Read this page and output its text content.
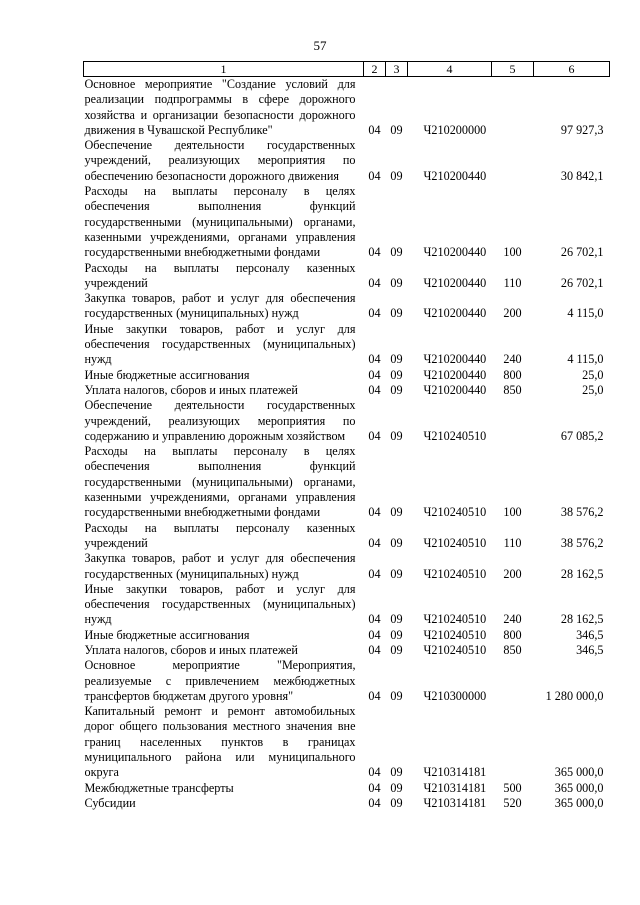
57
1	2	3	4	5	6
Основное мероприятие "Создание условий для реализации подпрограммы в сфере дорожного хозяйства и организации безопасности дорожного движения в Чувашской Республике"	04	09	Ч210200000		97 927,3
Обеспечение деятельности государственных учреждений, реализующих мероприятия по обеспечению безопасности дорожного движения	04	09	Ч210200440		30 842,1
Расходы на выплаты персоналу в целях обеспечения выполнения функций государственными (муниципальными) органами, казенными учреждениями, органами управления государственными внебюджетными фондами	04	09	Ч210200440	100	26 702,1
Расходы на выплаты персоналу казенных учреждений	04	09	Ч210200440	110	26 702,1
Закупка товаров, работ и услуг для обеспечения государственных (муниципальных) нужд	04	09	Ч210200440	200	4 115,0
Иные закупки товаров, работ и услуг для обеспечения государственных (муниципальных) нужд	04	09	Ч210200440	240	4 115,0
Иные бюджетные ассигнования	04	09	Ч210200440	800	25,0
Уплата налогов, сборов и иных платежей	04	09	Ч210200440	850	25,0
Обеспечение деятельности государственных учреждений, реализующих мероприятия по содержанию и управлению дорожным хозяйством	04	09	Ч210240510		67 085,2
Расходы на выплаты персоналу в целях обеспечения выполнения функций государственными (муниципальными) органами, казенными учреждениями, органами управления государственными внебюджетными фондами	04	09	Ч210240510	100	38 576,2
Расходы на выплаты персоналу казенных учреждений	04	09	Ч210240510	110	38 576,2
Закупка товаров, работ и услуг для обеспечения государственных (муниципальных) нужд	04	09	Ч210240510	200	28 162,5
Иные закупки товаров, работ и услуг для обеспечения государственных (муниципальных) нужд	04	09	Ч210240510	240	28 162,5
Иные бюджетные ассигнования	04	09	Ч210240510	800	346,5
Уплата налогов, сборов и иных платежей	04	09	Ч210240510	850	346,5
Основное мероприятие "Мероприятия, реализуемые с привлечением межбюджетных трансфертов бюджетам другого уровня"	04	09	Ч210300000		1 280 000,0
Капитальный ремонт и ремонт автомобильных дорог общего пользования местного значения вне границ населенных пунктов в границах муниципального района или муниципального округа	04	09	Ч210314181		365 000,0
Межбюджетные трансферты	04	09	Ч210314181	500	365 000,0
Субсидии	04	09	Ч210314181	520	365 000,0
